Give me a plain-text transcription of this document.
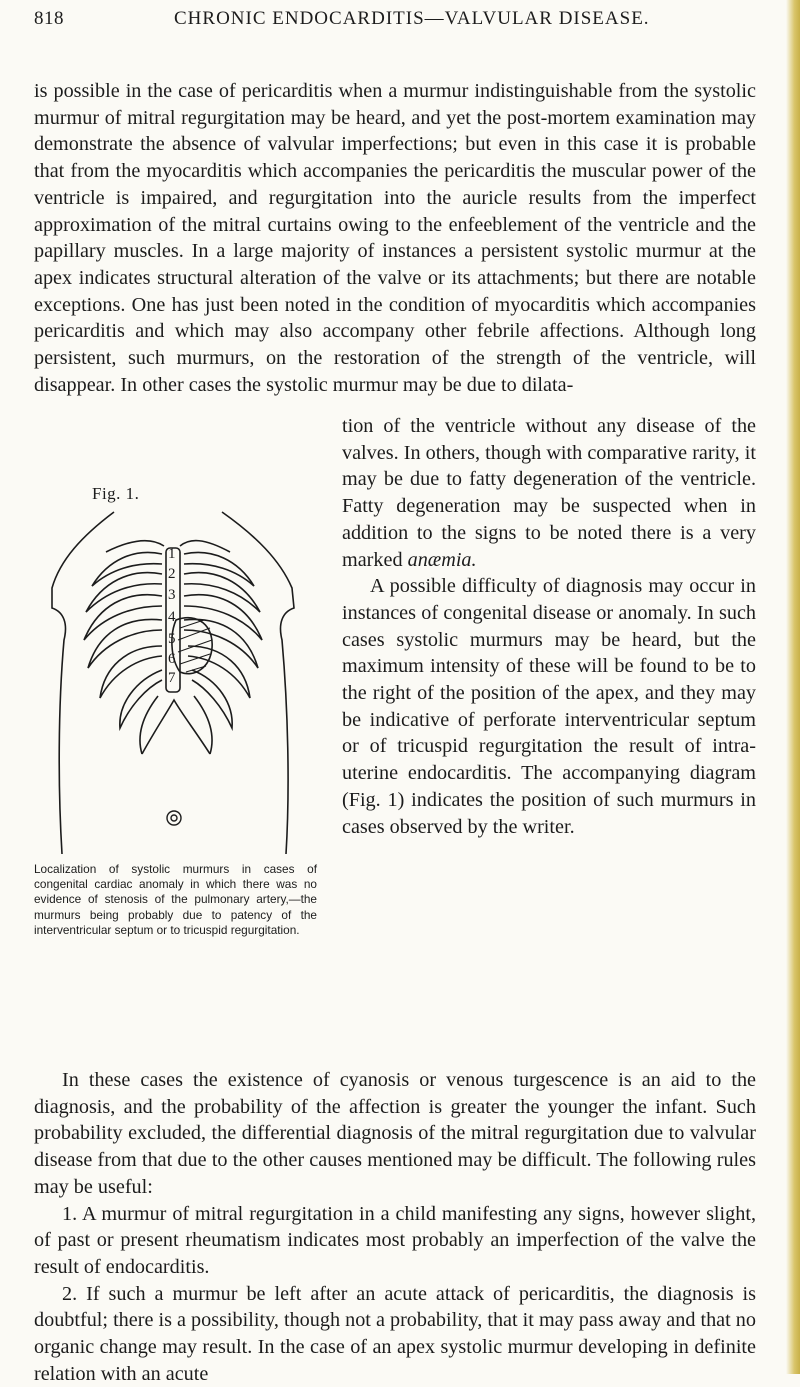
818	CHRONIC ENDOCARDITIS—VALVULAR DISEASE.

is possible in the case of pericarditis when a murmur indistinguishable from the systolic murmur of mitral regurgitation may be heard, and yet the post-mortem examination may demonstrate the absence of valvular imperfections; but even in this case it is probable that from the myocarditis which accompanies the pericarditis the muscular power of the ventricle is impaired, and regurgitation into the auricle results from the imperfect approximation of the mitral curtains owing to the enfeeblement of the ventricle and the papillary muscles. In a large majority of instances a persistent systolic murmur at the apex indicates structural alteration of the valve or its attachments; but there are notable exceptions. One has just been noted in the condition of myocarditis which accompanies pericarditis and which may also accompany other febrile affections. Although long persistent, such murmurs, on the restoration of the strength of the ventricle, will disappear. In other cases the systolic murmur may be due to dilata-

Fig. 1.
1
2
3
4
5
6
7

Localization of systolic murmurs in cases of congenital cardiac anomaly in which there was no evidence of stenosis of the pulmonary artery,—the murmurs being probably due to patency of the interventricular septum or to tricuspid regurgitation.

tion of the ventricle without any disease of the valves. In others, though with comparative rarity, it may be due to fatty degeneration of the ventricle. Fatty degeneration may be suspected when in addition to the signs to be noted there is a very marked anæmia.

A possible difficulty of diagnosis may occur in instances of congenital disease or anomaly. In such cases systolic murmurs may be heard, but the maximum intensity of these will be found to be to the right of the position of the apex, and they may be indicative of perforate interventricular septum or of tricuspid regurgitation the result of intra-uterine endocarditis. The accompanying diagram (Fig. 1) indicates the position of such murmurs in cases observed by the writer.

In these cases the existence of cyanosis or venous turgescence is an aid to the diagnosis, and the probability of the affection is greater the younger the infant. Such probability excluded, the differential diagnosis of the mitral regurgitation due to valvular disease from that due to the other causes mentioned may be difficult. The following rules may be useful:

1. A murmur of mitral regurgitation in a child manifesting any signs, however slight, of past or present rheumatism indicates most probably an imperfection of the valve the result of endocarditis.

2. If such a murmur be left after an acute attack of pericarditis, the diagnosis is doubtful; there is a possibility, though not a probability, that it may pass away and that no organic change may result. In the case of an apex systolic murmur developing in definite relation with an acute
